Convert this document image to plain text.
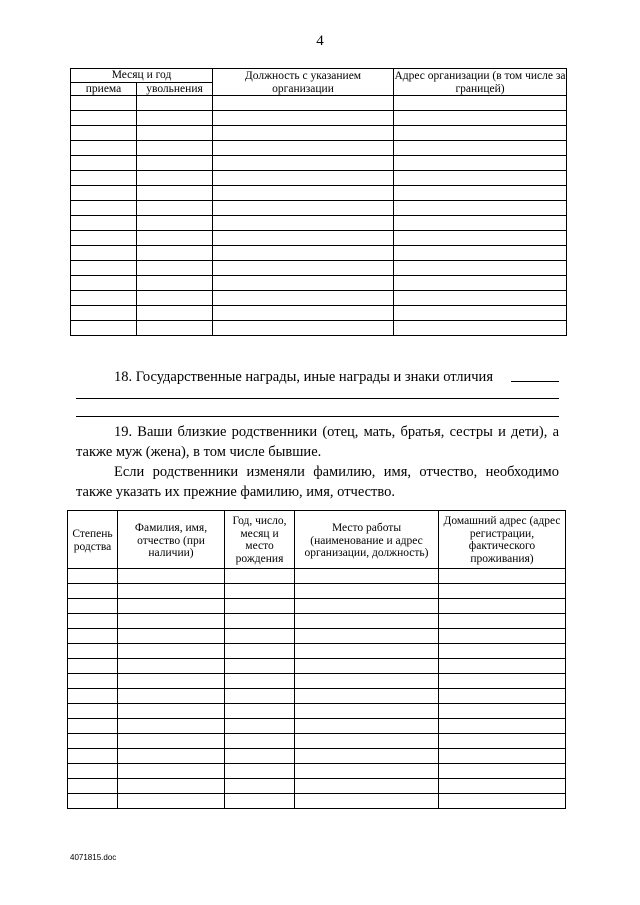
4
Месяц и год		Должность с указанием организации	Адрес организации (в том числе за границей)
приема	увольнения		

18. Государственные награды, иные награды и знаки отличия
19. Ваши близкие родственники (отец, мать, братья, сестры и дети), а также муж (жена), в том числе бывшие.
Если родственники изменяли фамилию, имя, отчество, необходимо также указать их прежние фамилию, имя, отчество.
Степень родства	Фамилия, имя, отчество (при наличии)	Год, число, месяц и место рождения	Место работы (наименование и адрес организации, должность)	Домашний адрес (адрес регистрации, фактического проживания)

4071815.doc
